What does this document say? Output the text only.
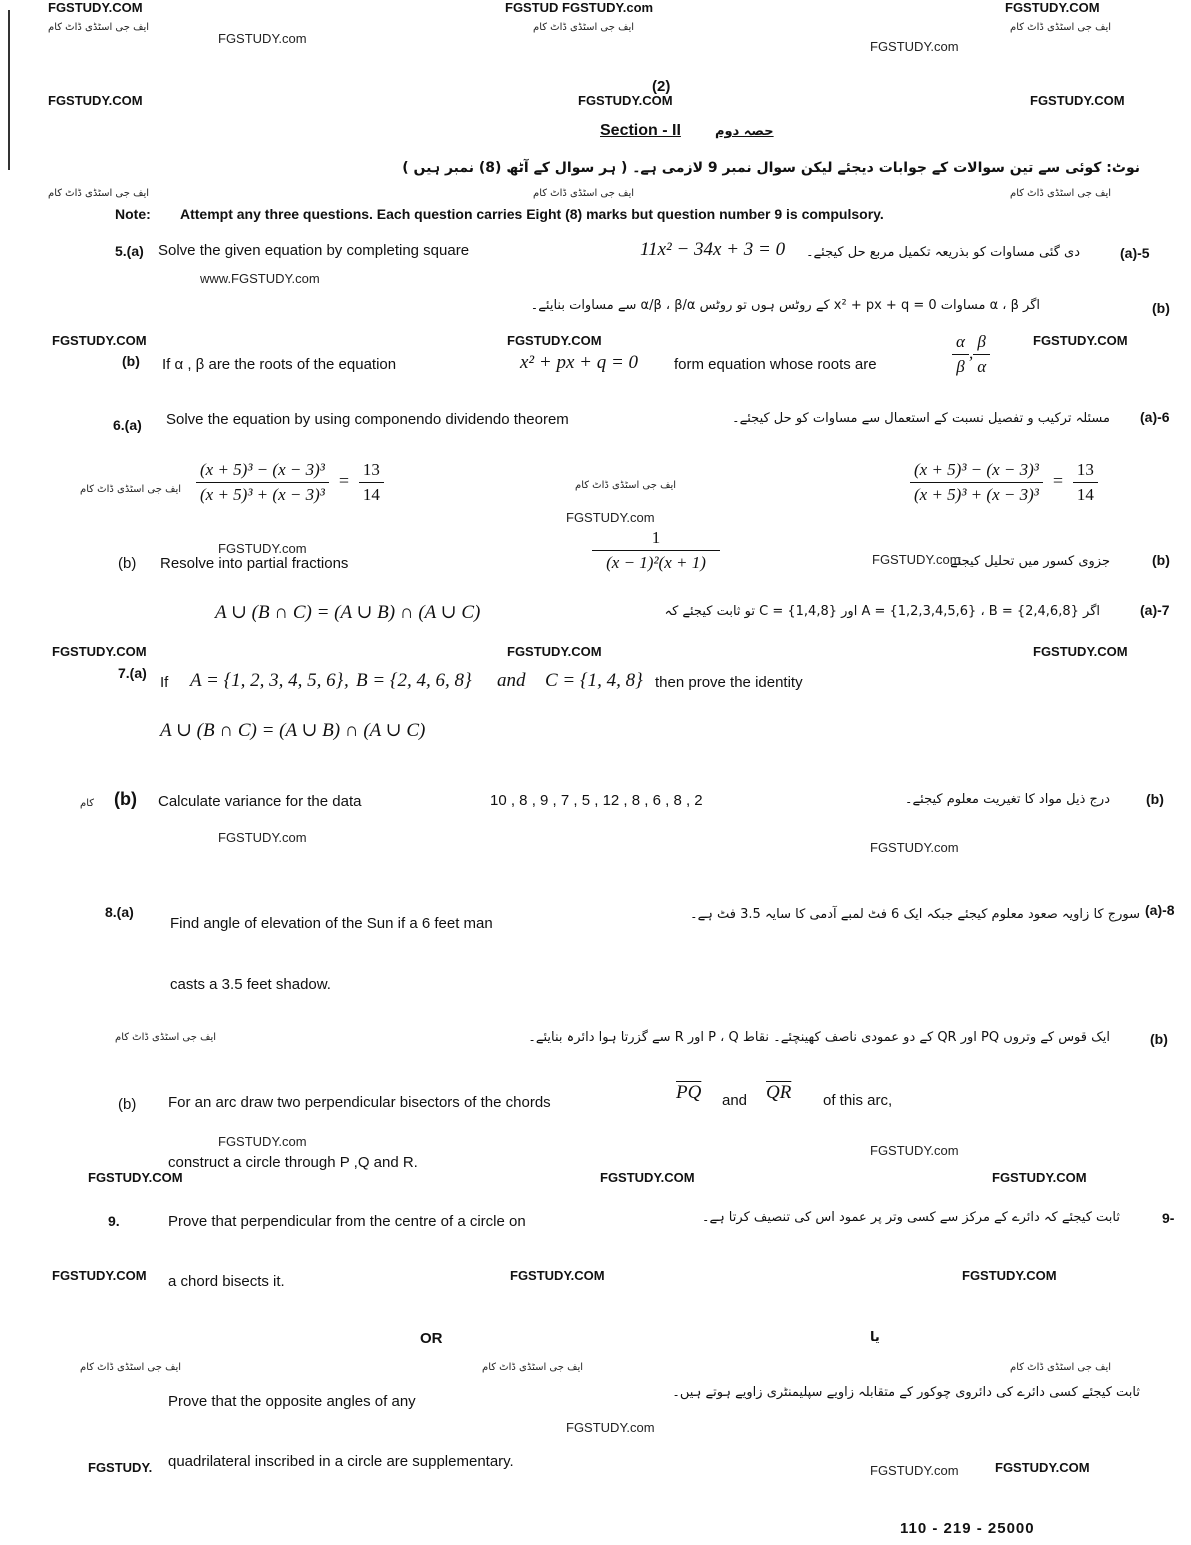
FGSTUDY.COM	FGSTUD FGSTUDY.com	FGSTUDY.COM
ایف جی اسٹڈی ڈاٹ کام	ایف جی اسٹڈی ڈاٹ کام	ایف جی اسٹڈی ڈاٹ کام
FGSTUDY.com
FGSTUDY.com
FGSTUDY.COM	FGSTUDY.COM	FGSTUDY.COM
(2)
Section - II	حصہ دوم
نوٹ: کوئی سے تین سوالات کے جوابات دیجئے لیکن سوال نمبر 9 لازمی ہے۔ ( ہر سوال کے آٹھ (8) نمبر ہیں )
ایف جی اسٹڈی ڈاٹ کام	ایف جی اسٹڈی ڈاٹ کام	ایف جی اسٹڈی ڈاٹ کام
Note: Attempt any three questions. Each question carries Eight (8) marks but question number 9 is compulsory.
5.(a) Solve the given equation by completing square	11x² − 34x + 3 = 0 دی گئی مساوات کو بذریعہ تکمیل مربع حل کیجئے۔	(a)-5
www.FGSTUDY.com
اگر α ، β مساوات x² + px + q = 0 کے روٹس ہوں تو روٹس α/β ، β/α سے مساوات بنایئے۔	(b)
FGSTUDY.COM	FGSTUDY.COM	FGSTUDY.COM
(b) If α , β are the roots of the equation	x² + px + q = 0 form equation whose roots are	$\frac{\alpha}{\beta}$ , $\frac{\beta}{\alpha}$
6.(a) Solve the equation by using componendo dividendo theorem	مسئلہ ترکیب و تفصیل نسبت کے استعمال سے مساوات کو حل کیجئے۔ (a)-6
ایف جی اسٹڈی ڈاٹ کام $\frac{\text{(x + 5)³ − (x − 3)³}}{\text{(x + 5)³ + (x − 3)³}} = \frac{13}{14}$	ایف جی اسٹڈی ڈاٹ کام
FGSTUDY.com
$\frac{\text{(x + 5)³ − (x − 3)³}}{\text{(x + 5)³ + (x − 3)³}} = \frac{13}{14}$
FGSTUDY.com
(b) Resolve into partial fractions	$\frac{1}{\text{(x − 1)²(x + 1)}}$	FGSTUDY.com
جزوی کسور میں تحلیل کیجئے	(b)
A ∪ (B ∩ C) = (A ∪ B) ∩ (A ∪ C)	اگر A = {1,2,3,4,5,6} ، B = {2,4,6,8} اور C = {1,4,8} تو ثابت کیجئے کہ	(a)-7
FGSTUDY.COM	FGSTUDY.COM	FGSTUDY.COM
7.(a)
If A = {1, 2, 3, 4, 5, 6} B = {2, 4, 6, 8}
,	and C = {1, 4, 8} then prove the identity
A ∪ (B ∩ C) = (A ∪ B) ∩ (A ∪ C)
کام (b) Calculate variance for the data	10 , 8 , 9 , 7 , 5 , 12 , 8 , 6 , 8 , 2	درج ذیل مواد کا تغیریت معلوم کیجئے۔	(b)
FGSTUDY.com
FGSTUDY.com
8.(a)
Find angle of elevation of the Sun if a 6 feet man
سورج کا زاویہ صعود معلوم کیجئے جبکہ ایک 6 فٹ لمبے آدمی کا سایہ 3.5 فٹ ہے۔ (a)-8
casts a 3.5 feet shadow.
ایف جی اسٹڈی ڈاٹ کام	ایک قوس کے وتروں PQ اور QR کے دو عمودی ناصف کھینچئے۔ نقاط P ، Q اور R سے گزرتا ہوا دائرہ بنایئے۔	(b)
(b) For an arc draw two perpendicular bisectors of the chords	$\overline{PQ}$ and $\overline{QR}$ of this arc,
FGSTUDY.com
FGSTUDY.com
construct a circle through P ,Q and R.
FGSTUDY.COM	FGSTUDY.COM	FGSTUDY.COM
9.	Prove that perpendicular from the centre of a circle on	ثابت کیجئے کہ دائرے کے مرکز سے کسی وتر پر عمود اس کی تنصیف کرتا ہے۔	9-
FGSTUDY.COM a chord bisects it.	FGSTUDY.COM	FGSTUDY.COM
OR	یا
ایف جی اسٹڈی ڈاٹ کام	ایف جی اسٹڈی ڈاٹ کام	ایف جی اسٹڈی ڈاٹ کام
Prove that the opposite angles of any
ثابت کیجئے کسی دائرے کی دائروی چوکور کے متقابلہ زاویے سپلیمنٹری زاویے ہوتے ہیں۔
FGSTUDY.com
FGSTUDY. quadrilateral inscribed in a circle are supplementary.
FGSTUDY.com	FGSTUDY.COM
110 - 219 - 25000
